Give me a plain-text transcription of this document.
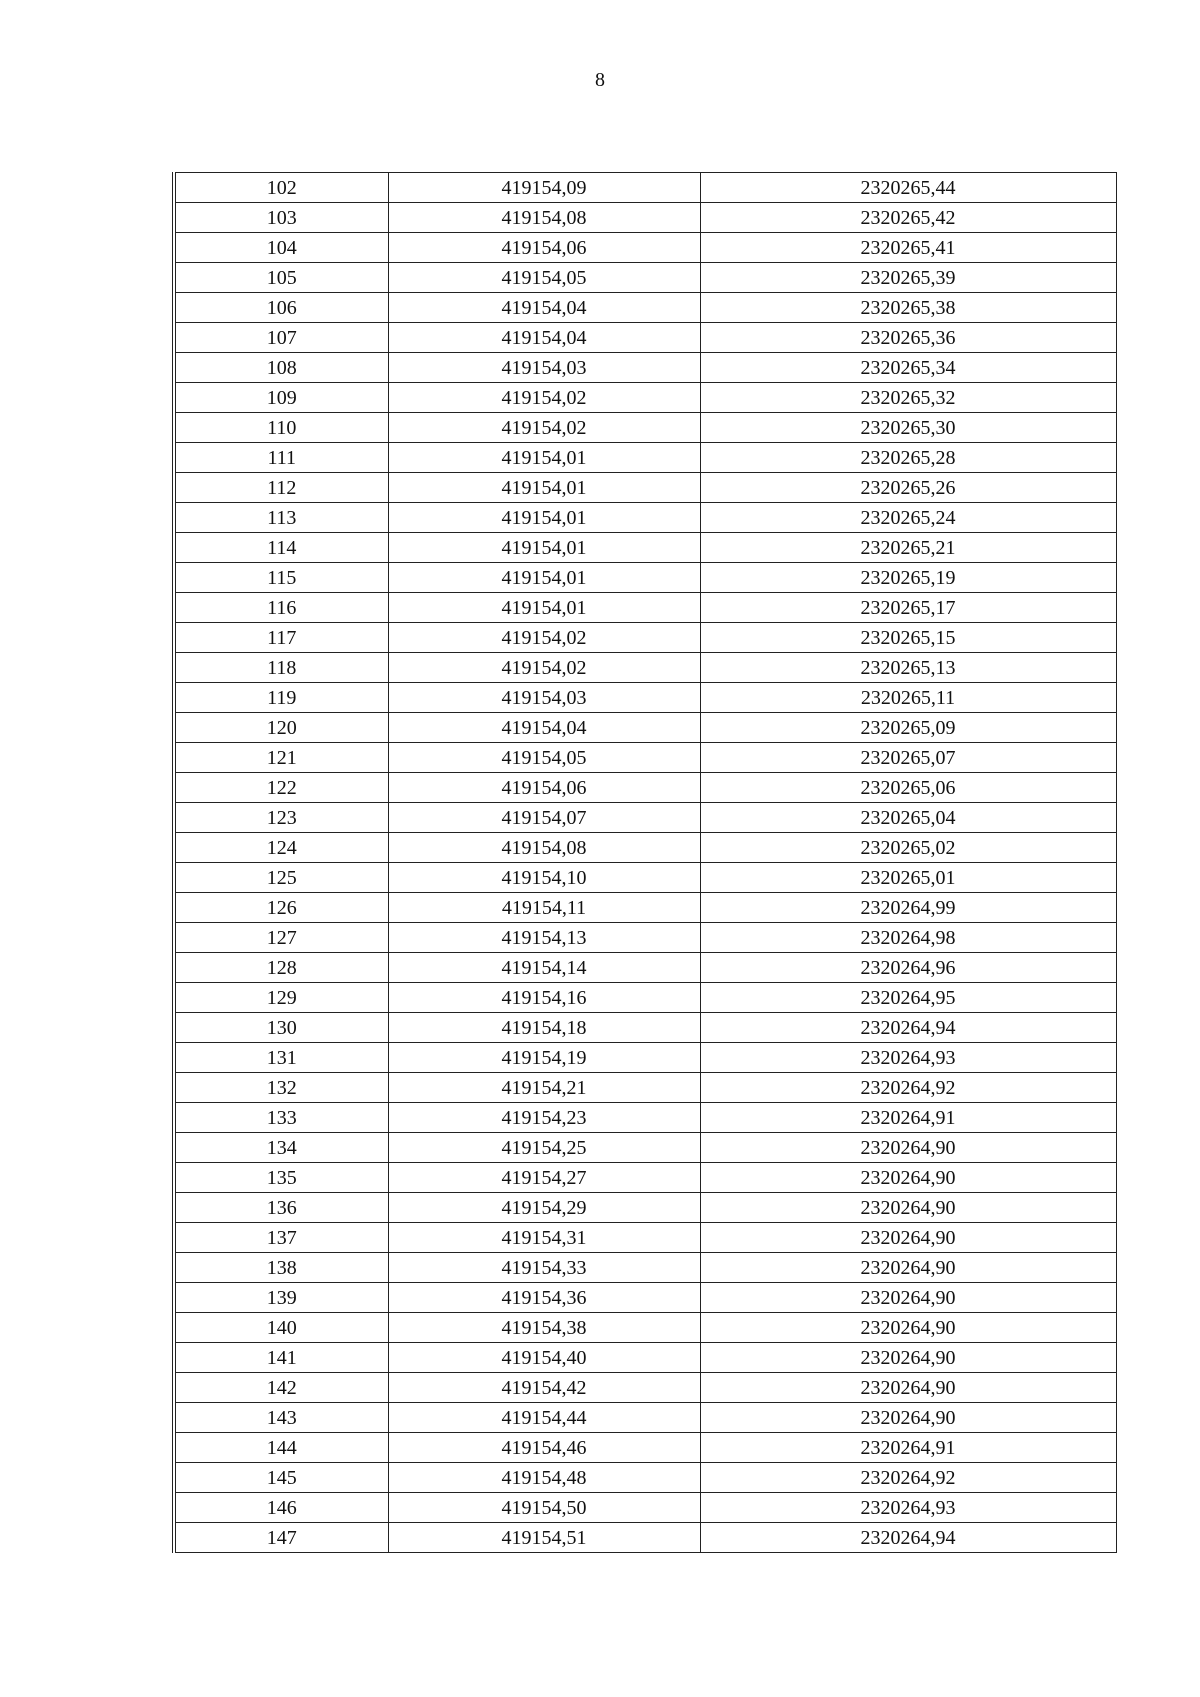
8
102	419154,09	2320265,44
103	419154,08	2320265,42
104	419154,06	2320265,41
105	419154,05	2320265,39
106	419154,04	2320265,38
107	419154,04	2320265,36
108	419154,03	2320265,34
109	419154,02	2320265,32
110	419154,02	2320265,30
111	419154,01	2320265,28
112	419154,01	2320265,26
113	419154,01	2320265,24
114	419154,01	2320265,21
115	419154,01	2320265,19
116	419154,01	2320265,17
117	419154,02	2320265,15
118	419154,02	2320265,13
119	419154,03	2320265,11
120	419154,04	2320265,09
121	419154,05	2320265,07
122	419154,06	2320265,06
123	419154,07	2320265,04
124	419154,08	2320265,02
125	419154,10	2320265,01
126	419154,11	2320264,99
127	419154,13	2320264,98
128	419154,14	2320264,96
129	419154,16	2320264,95
130	419154,18	2320264,94
131	419154,19	2320264,93
132	419154,21	2320264,92
133	419154,23	2320264,91
134	419154,25	2320264,90
135	419154,27	2320264,90
136	419154,29	2320264,90
137	419154,31	2320264,90
138	419154,33	2320264,90
139	419154,36	2320264,90
140	419154,38	2320264,90
141	419154,40	2320264,90
142	419154,42	2320264,90
143	419154,44	2320264,90
144	419154,46	2320264,91
145	419154,48	2320264,92
146	419154,50	2320264,93
147	419154,51	2320264,94
